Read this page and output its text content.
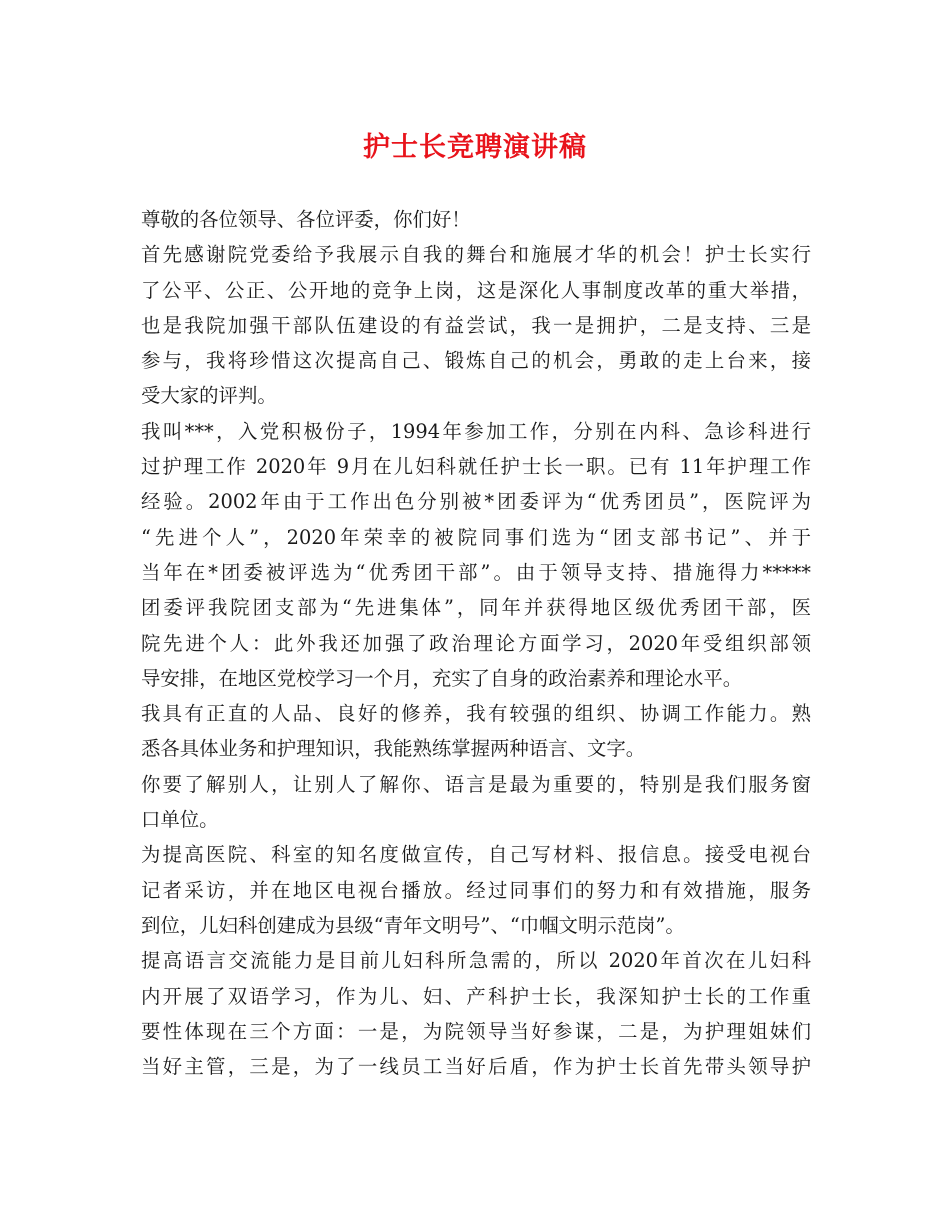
护士长竞聘演讲稿
尊敬的各位领导、各位评委，你们好！
首先感谢院党委给予我展示自我的舞台和施展才华的机会！护士长实行
了公平、公正、公开地的竞争上岗，这是深化人事制度改革的重大举措，
也是我院加强干部队伍建设的有益尝试，我一是拥护，二是支持、三是
参与，我将珍惜这次提高自己、锻炼自己的机会，勇敢的走上台来，接
受大家的评判。
我叫***，入党积极份子，1994年参加工作，分别在内科、急诊科进行
过护理工作 2020年 9月在儿妇科就任护士长一职。已有 11年护理工作
经验。2002年由于工作出色分别被*团委评为“优秀团员”，医院评为
“先进个人”，2020年荣幸的被院同事们选为“团支部书记”、并于
当年在*团委被评选为“优秀团干部”。由于领导支持、措施得力*****
团委评我院团支部为“先进集体”，同年并获得地区级优秀团干部，医
院先进个人：此外我还加强了政治理论方面学习，2020年受组织部领
导安排，在地区党校学习一个月，充实了自身的政治素养和理论水平。
我具有正直的人品、良好的修养，我有较强的组织、协调工作能力。熟
悉各具体业务和护理知识，我能熟练掌握两种语言、文字。
你要了解别人，让别人了解你、语言是最为重要的，特别是我们服务窗
口单位。
为提高医院、科室的知名度做宣传，自己写材料、报信息。接受电视台
记者采访，并在地区电视台播放。经过同事们的努力和有效措施，服务
到位，儿妇科创建成为县级“青年文明号”、“巾帼文明示范岗”。
提高语言交流能力是目前儿妇科所急需的，所以 2020年首次在儿妇科
内开展了双语学习，作为儿、妇、产科护士长，我深知护士长的工作重
要性体现在三个方面：一是，为院领导当好参谋，二是，为护理姐妹们
当好主管，三是，为了一线员工当好后盾，作为护士长首先带头领导护
